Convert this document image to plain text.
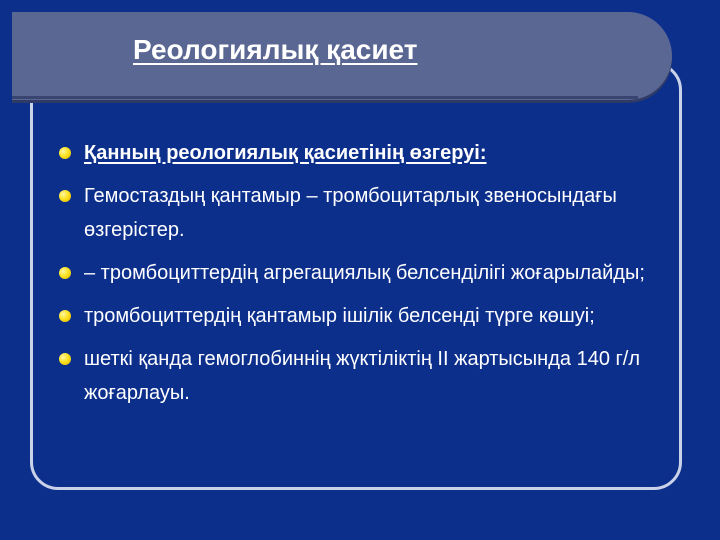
Реологиялық қасиет
Қанның реологиялық қасиетінің өзгеруі:
Гемостаздың қантамыр – тромбоцитарлық звеносындағы өзгерістер.
– тромбоциттердің агрегациялық белсенділігі жоғарылайды;
тромбоциттердің қантамыр ішілік белсенді түрге көшуі;
шеткі қанда гемоглобиннің жүктіліктің II жартысында 140 г/л жоғарлауы.
